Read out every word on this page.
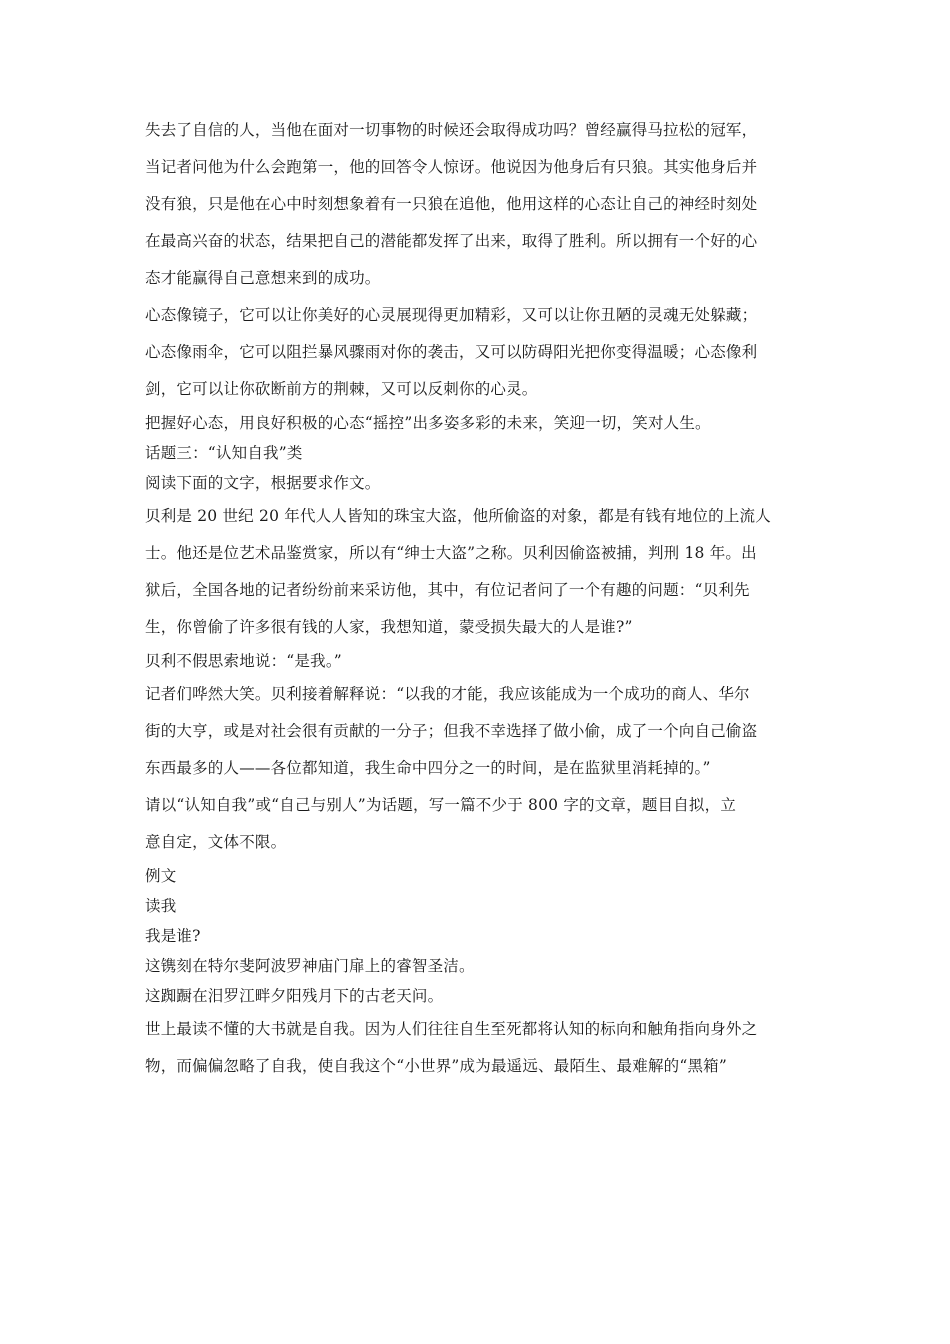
失去了自信的人，当他在面对一切事物的时候还会取得成功吗？曾经赢得马拉松的冠军，

当记者问他为什么会跑第一，他的回答令人惊讶。他说因为他身后有只狼。其实他身后并

没有狼，只是他在心中时刻想象着有一只狼在追他，他用这样的心态让自己的神经时刻处

在最高兴奋的状态，结果把自己的潜能都发挥了出来，取得了胜利。所以拥有一个好的心

态才能赢得自己意想来到的成功。

心态像镜子，它可以让你美好的心灵展现得更加精彩，又可以让你丑陋的灵魂无处躲藏；

心态像雨伞，它可以阻拦暴风骤雨对你的袭击，又可以防碍阳光把你变得温暖；心态像利

剑，它可以让你砍断前方的荆棘，又可以反刺你的心灵。

把握好心态，用良好积极的心态“摇控”出多姿多彩的未来，笑迎一切，笑对人生。

话题三：“认知自我”类

阅读下面的文字，根据要求作文。

贝利是 20 世纪 20 年代人人皆知的珠宝大盗，他所偷盗的对象，都是有钱有地位的上流人

士。他还是位艺术品鉴赏家，所以有“绅士大盗”之称。贝利因偷盗被捕，判刑 18 年。出

狱后，全国各地的记者纷纷前来采访他，其中，有位记者问了一个有趣的问题：“贝利先

生，你曾偷了许多很有钱的人家，我想知道，蒙受损失最大的人是谁?”

贝利不假思索地说：“是我。”

记者们哗然大笑。贝利接着解释说：“以我的才能，我应该能成为一个成功的商人、华尔

街的大亨，或是对社会很有贡献的一分子；但我不幸选择了做小偷，成了一个向自己偷盗

东西最多的人——各位都知道，我生命中四分之一的时间，是在监狱里消耗掉的。”

请以“认知自我”或“自己与别人”为话题，写一篇不少于 800 字的文章，题目自拟，立

意自定，文体不限。

例文

读我

我是谁?

这镌刻在特尔斐阿波罗神庙门扉上的睿智圣洁。

这踟蹰在汨罗江畔夕阳残月下的古老天问。

世上最读不懂的大书就是自我。因为人们往往自生至死都将认知的标向和触角指向身外之

物，而偏偏忽略了自我，使自我这个“小世界”成为最遥远、最陌生、最难解的“黑箱”
